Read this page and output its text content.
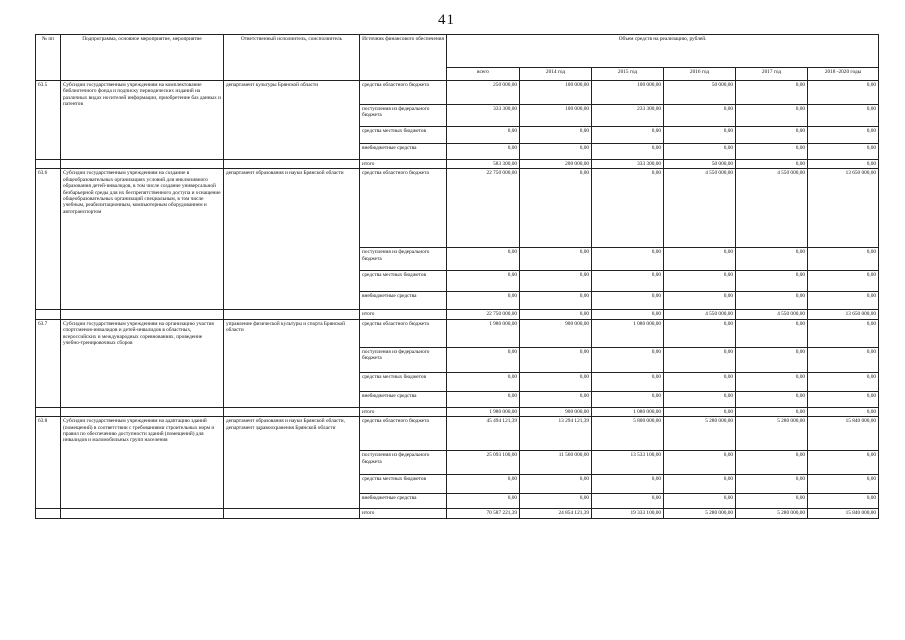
41
№ пп	Подпрограмма, основное мероприятие, мероприятие	Ответственный исполнитель, соисполнитель	Источник финансового обеспечения	Объем средств на реализацию, рублей.					
				всего	2014 год	2015 год	2016 год	2017 год	2018 -2020 годы
63.5	Субсидии государственным учреждениям на комплектование библиотечного фонда и подписку периодических изданий на различных видах носителей информации, приобретение баз данных и патентов	департамент культуры Брянской области	средства областного бюджета	250 000,00	100 000,00	100 000,00	50 000,00	0,00	0,00
			поступления из федерального бюджета	333 300,00	100 000,00	233 300,00	0,00	0,00	0,00
			средства местных бюджетов	0,00	0,00	0,00	0,00	0,00	0,00
			внебюджетные средства	0,00	0,00	0,00	0,00	0,00	0,00
			итого	583 300,00	200 000,00	333 300,00	50 000,00	0,00	0,00
63.6	Субсидии государственным учреждениям на создание в общеобразовательных организациях условий для инклюзивного образования детей-инвалидов, в том числе создание универсальной безбарьерной среды для их беспрепятственного доступа и оснащение общеобразовательных организаций специальным, в том числе учебным, реабилитационным, компьютерным оборудованием и автотранспортом	департамент образования и науки Брянской области	средства областного бюджета	22 750 000,00	0,00	0,00	4 550 000,00	4 550 000,00	13 650 000,00
			поступления из федерального бюджета	0,00	0,00	0,00	0,00	0,00	0,00
			средства местных бюджетов	0,00	0,00	0,00	0,00	0,00	0,00
			внебюджетные средства	0,00	0,00	0,00	0,00	0,00	0,00
			итого	22 750 000,00	0,00	0,00	4 550 000,00	4 550 000,00	13 650 000,00
63.7	Субсидии государственным учреждениям на организацию участия спортсменов-инвалидов и детей-инвалидов в областных, всероссийских и международных соревнованиях, проведение учебно-тренировочных сборов	управление физической культуры и спорта Брянской области	средства областного бюджета	1 980 000,00	900 000,00	1 080 000,00	0,00	0,00	0,00
			поступления из федерального бюджета	0,00	0,00	0,00	0,00	0,00	0,00
			средства местных бюджетов	0,00	0,00	0,00	0,00	0,00	0,00
			внебюджетные средства	0,00	0,00	0,00	0,00	0,00	0,00
			итого	1 980 000,00	900 000,00	1 080 000,00	0,00	0,00	0,00
63.8	Субсидии государственным учреждениям на адаптацию зданий (помещений) в соответствии с требованиями строительных норм и правил по обеспечению доступности зданий (помещений) для инвалидов и маломобильных групп населения	департамент образования и науки Брянской области, департамент здравоохранения Брянской области	средства областного бюджета	45 494 121,39	13 294 121,39	5 800 000,00	5 280 000,00	5 280 000,00	15 840 000,00
			поступления из федерального бюджета	25 093 100,00	11 560 000,00	13 533 100,00	0,00	0,00	0,00
			средства местных бюджетов	0,00	0,00	0,00	0,00	0,00	0,00
			внебюджетные средства	0,00	0,00	0,00	0,00	0,00	0,00
			итого	70 587 221,39	24 854 121,39	19 333 100,00	5 280 000,00	5 280 000,00	15 840 000,00
